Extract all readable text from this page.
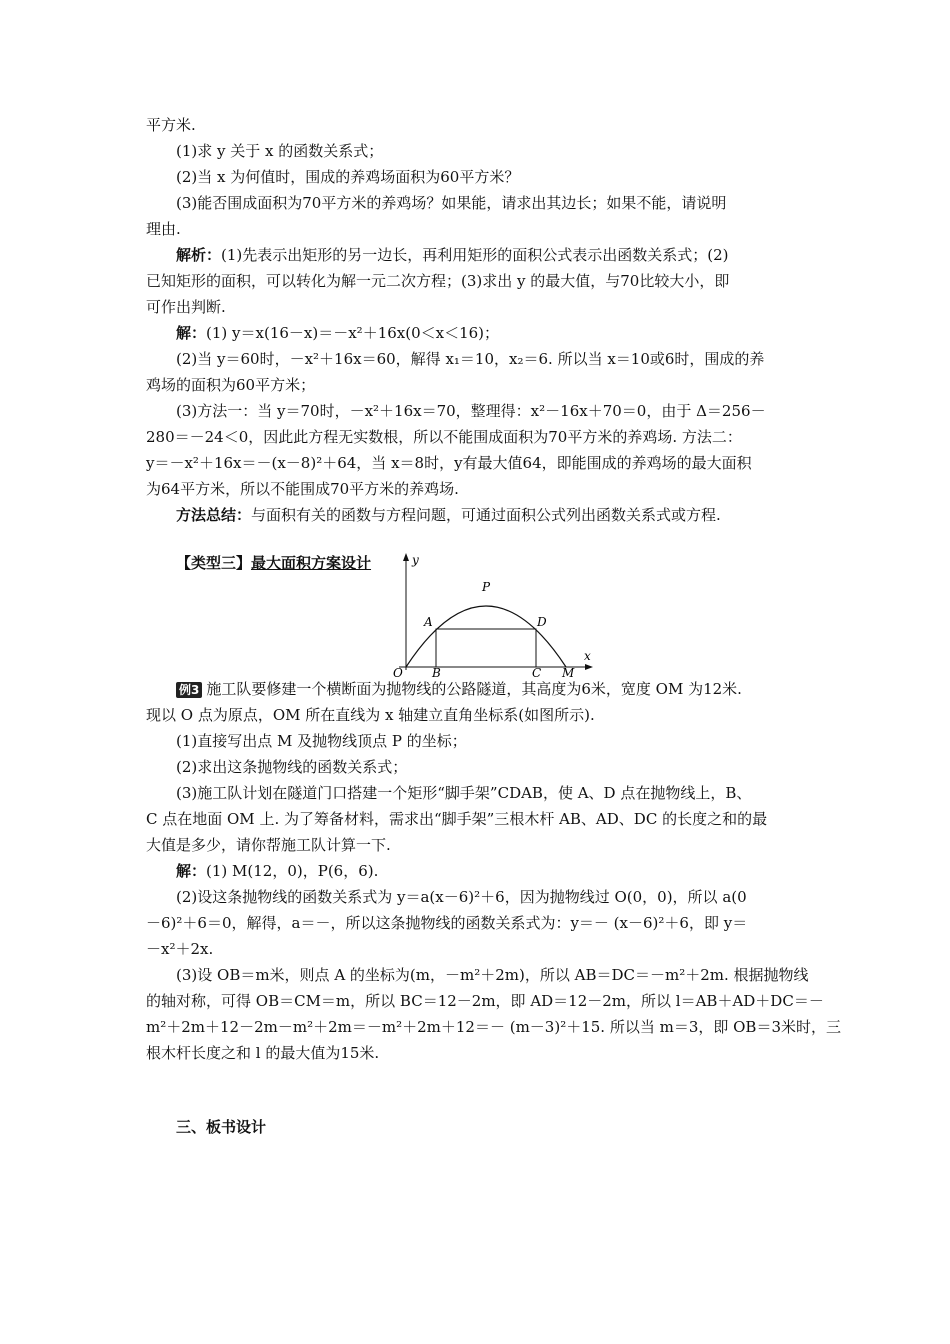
平方米.
(1)求 y 关于 x 的函数关系式；
(2)当 x 为何值时，围成的养鸡场面积为60平方米？
(3)能否围成面积为70平方米的养鸡场？如果能，请求出其边长；如果不能，请说明
理由.
解析：(1)先表示出矩形的另一边长，再利用矩形的面积公式表示出函数关系式；(2)
已知矩形的面积，可以转化为解一元二次方程；(3)求出 y 的最大值，与70比较大小，即
可作出判断.
解：(1) y＝x(16－x)＝－x²＋16x(0＜x＜16)；
(2)当 y＝60时，－x²＋16x＝60，解得 x₁＝10，x₂＝6. 所以当 x＝10或6时，围成的养
鸡场的面积为60平方米；
(3)方法一：当 y＝70时，－x²＋16x＝70，整理得：x²－16x＋70＝0，由于 Δ＝256－
280＝－24＜0，因此此方程无实数根，所以不能围成面积为70平方米的养鸡场. 方法二：
y＝－x²＋16x＝－(x－8)²＋64，当 x＝8时，y有最大值64，即能围成的养鸡场的最大面积
为64平方米，所以不能围成70平方米的养鸡场.
方法总结：与面积有关的函数与方程问题，可通过面积公式列出函数关系式或方程.
【类型三】最大面积方案设计	y
P
A	D
O B	C M
x
例3 施工队要修建一个横断面为抛物线的公路隧道，其高度为6米，宽度 OM 为12米.
现以 O 点为原点，OM 所在直线为 x 轴建立直角坐标系(如图所示).
(1)直接写出点 M 及抛物线顶点 P 的坐标；
(2)求出这条抛物线的函数关系式；
(3)施工队计划在隧道门口搭建一个矩形“脚手架”CDAB，使 A、D 点在抛物线上，B、
C 点在地面 OM 上. 为了筹备材料，需求出“脚手架”三根木杆 AB、AD、DC 的长度之和的最
大值是多少，请你帮施工队计算一下.
解：(1) M(12，0)，P(6，6).
(2)设这条抛物线的函数关系式为 y＝a(x－6)²＋6，因为抛物线过 O(0，0)，所以 a(0
－6)²＋6＝0，解得，a＝－，所以这条抛物线的函数关系式为：y＝－ (x－6)²＋6，即 y＝
－x²＋2x.
(3)设 OB＝m米，则点 A 的坐标为(m，－m²＋2m)，所以 AB＝DC＝－m²＋2m. 根据抛物线
的轴对称，可得 OB＝CM＝m，所以 BC＝12－2m，即 AD＝12－2m，所以 l＝AB＋AD＋DC＝－
m²＋2m＋12－2m－m²＋2m＝－m²＋2m＋12＝－ (m－3)²＋15. 所以当 m＝3，即 OB＝3米时，三
根木杆长度之和 l 的最大值为15米.
三、板书设计
